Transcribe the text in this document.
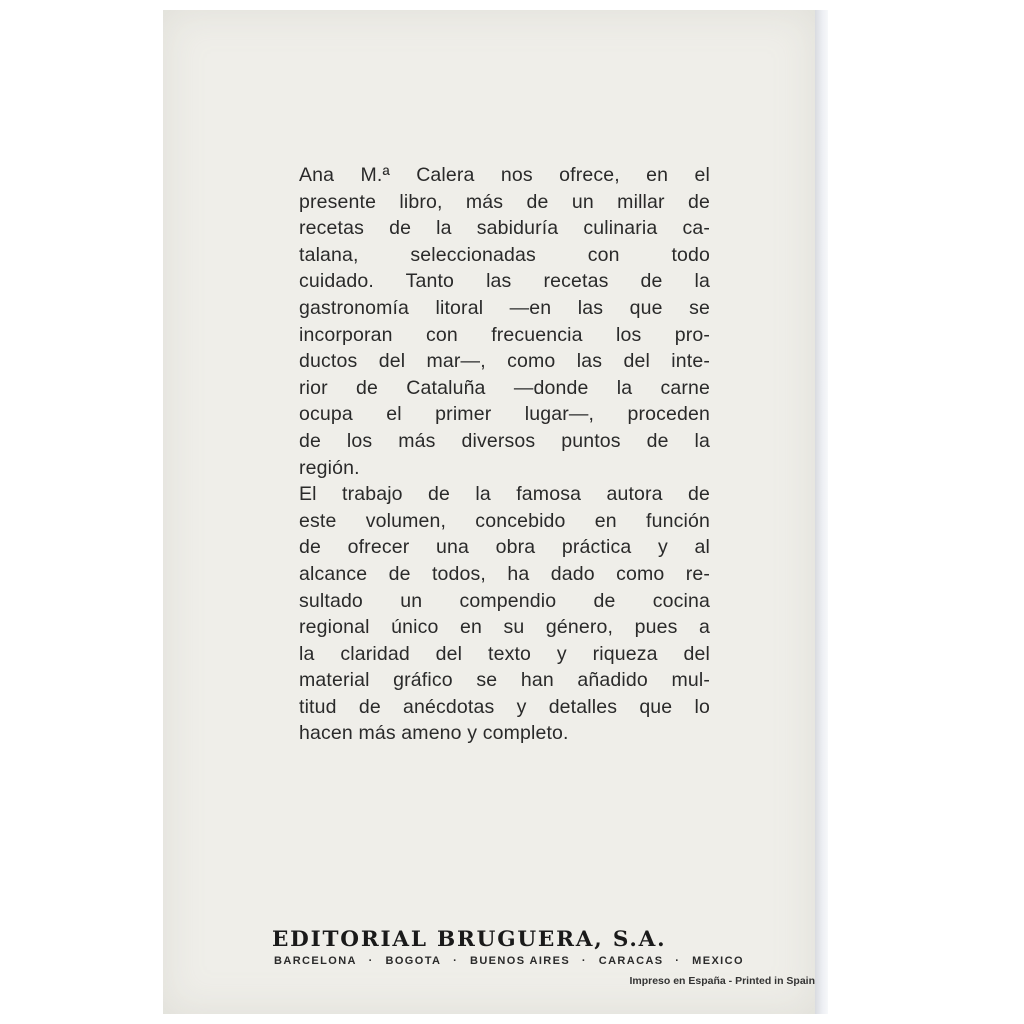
Ana M.ª Calera nos ofrece, en el
presente libro, más de un millar de
recetas de la sabiduría culinaria ca-
talana, seleccionadas con todo
cuidado. Tanto las recetas de la
gastronomía litoral —en las que se
incorporan con frecuencia los pro-
ductos del mar—, como las del inte-
rior de Cataluña —donde la carne
ocupa el primer lugar—, proceden
de los más diversos puntos de la
región.
El trabajo de la famosa autora de
este volumen, concebido en función
de ofrecer una obra práctica y al
alcance de todos, ha dado como re-
sultado un compendio de cocina
regional único en su género, pues a
la claridad del texto y riqueza del
material gráfico se han añadido mul-
titud de anécdotas y detalles que lo
hacen más ameno y completo.
EDITORIAL BRUGUERA, S.A.
BARCELONA · BOGOTA · BUENOS AIRES · CARACAS · MEXICO
Impreso en España - Printed in Spain
